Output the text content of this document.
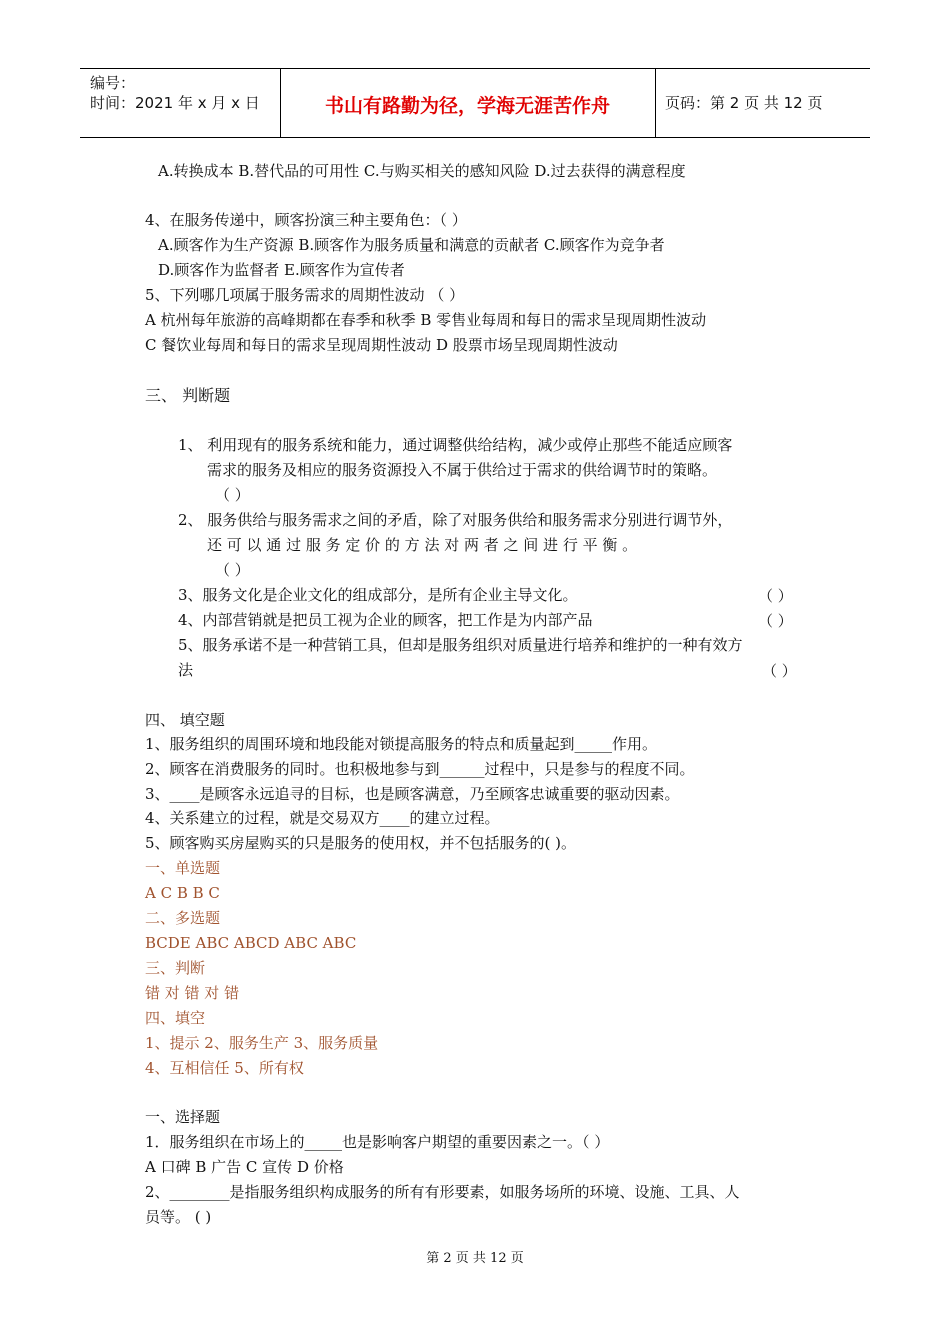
编号：
时间：2021 年 x 月 x 日	书山有路勤为径，学海无涯苦作舟	页码：第 2 页 共 12 页
A.转换成本 B.替代品的可用性 C.与购买相关的感知风险 D.过去获得的满意程度
4、在服务传递中，顾客扮演三种主要角色：（ ）
A.顾客作为生产资源 B.顾客作为服务质量和满意的贡献者 C.顾客作为竞争者
D.顾客作为监督者 E.顾客作为宣传者
5、下列哪几项属于服务需求的周期性波动 （ ）
A 杭州每年旅游的高峰期都在春季和秋季 B 零售业每周和每日的需求呈现周期性波动
C 餐饮业每周和每日的需求呈现周期性波动 D 股票市场呈现周期性波动
三、 判断题
1、 利用现有的服务系统和能力，通过调整供给结构，减少或停止那些不能适应顾客
需求的服务及相应的服务资源投入不属于供给过于需求的供给调节时的策略。
（ ）
2、 服务供给与服务需求之间的矛盾，除了对服务供给和服务需求分别进行调节外，
还 可 以 通 过 服 务 定 价 的 方 法 对 两 者 之 间 进 行 平 衡 。
（ ）
3、服务文化是企业文化的组成部分，是所有企业主导文化。	（ ）
4、内部营销就是把员工视为企业的顾客，把工作是为内部产品	（ ）
5、服务承诺不是一种营销工具，但却是服务组织对质量进行培养和维护的一种有效方
法	（ ）
四、 填空题
1、服务组织的周围环境和地段能对锁提高服务的特点和质量起到_____作用。
2、顾客在消费服务的同时。也积极地参与到______过程中，只是参与的程度不同。
3、____是顾客永远追寻的目标，也是顾客满意，乃至顾客忠诚重要的驱动因素。
4、关系建立的过程，就是交易双方____的建立过程。
5、顾客购买房屋购买的只是服务的使用权，并不包括服务的( )。
一、单选题
A C B B C
二、多选题
BCDE ABC ABCD ABC ABC
三、判断
错 对 错 对 错
四、填空
1、提示 2、服务生产 3、服务质量
4、互相信任 5、所有权
一、选择题
1．服务组织在市场上的_____也是影响客户期望的重要因素之一。（ ）
A 口碑 B 广告 C 宣传 D 价格
2、________是指服务组织构成服务的所有有形要素，如服务场所的环境、设施、工具、人
员等。 ( )
第 2 页 共 12 页
